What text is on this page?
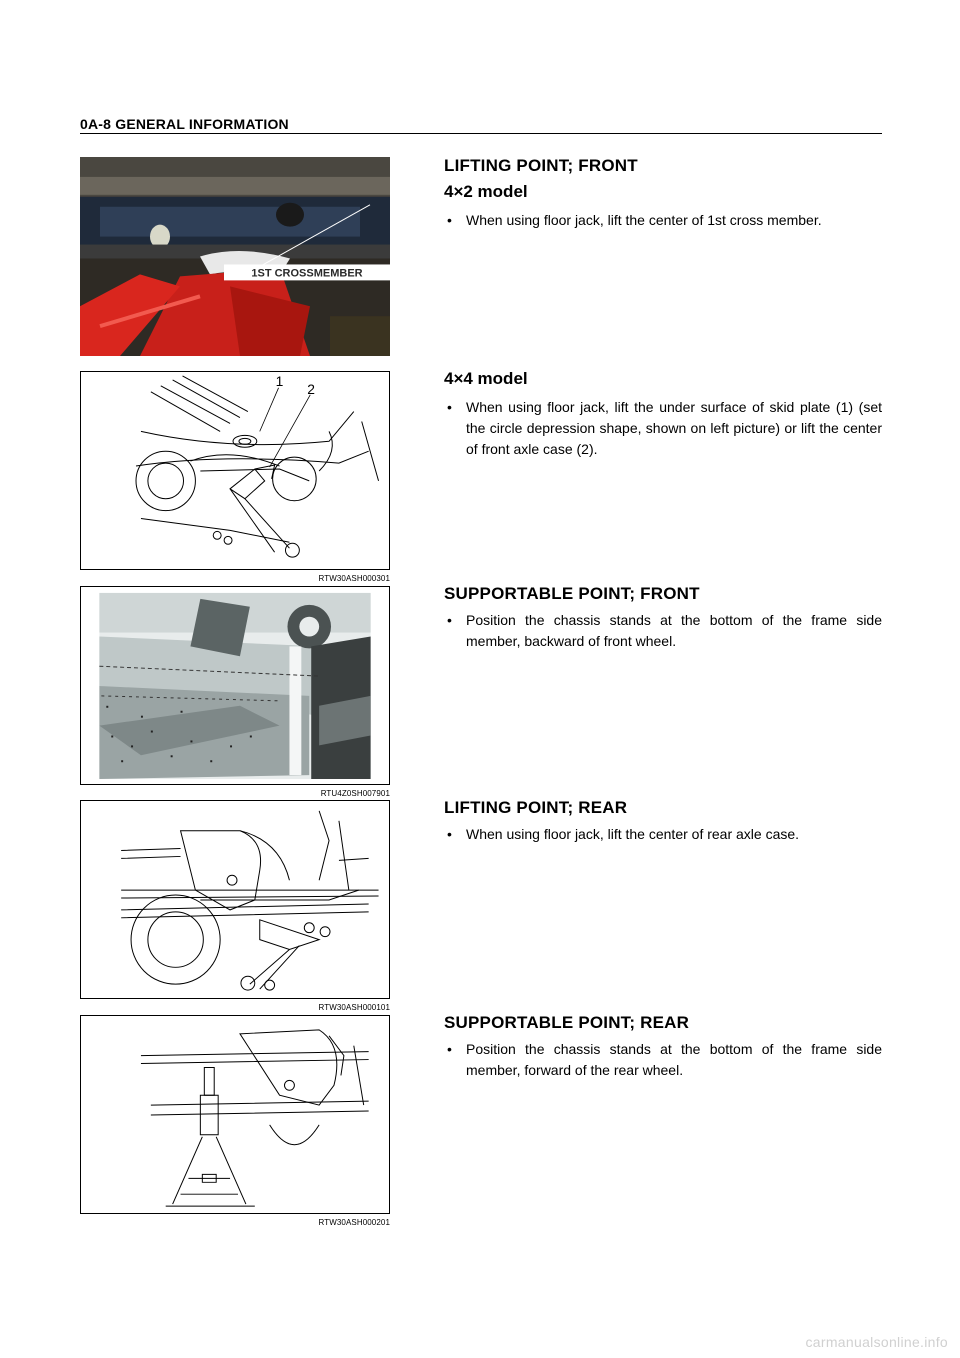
0A-8 GENERAL INFORMATION
1ST CROSSMEMBER
1 2
RTW30ASH000301
RTU4Z0SH007901
RTW30ASH000101
RTW30ASH000201
LIFTING POINT; FRONT
4×2 model

• When using floor jack, lift the center of 1st cross member.

4×4 model

• When using floor jack, lift the under surface of skid plate (1) (set the circle depression shape, shown on left picture) or lift the center of front axle case (2).

SUPPORTABLE POINT; FRONT

• Position the chassis stands at the bottom of the frame side member, backward of front wheel.

LIFTING POINT; REAR

• When using floor jack, lift the center of rear axle case.

SUPPORTABLE POINT; REAR

• Position the chassis stands at the bottom of the frame side member, forward of the rear wheel.

carmanualsonline.info
